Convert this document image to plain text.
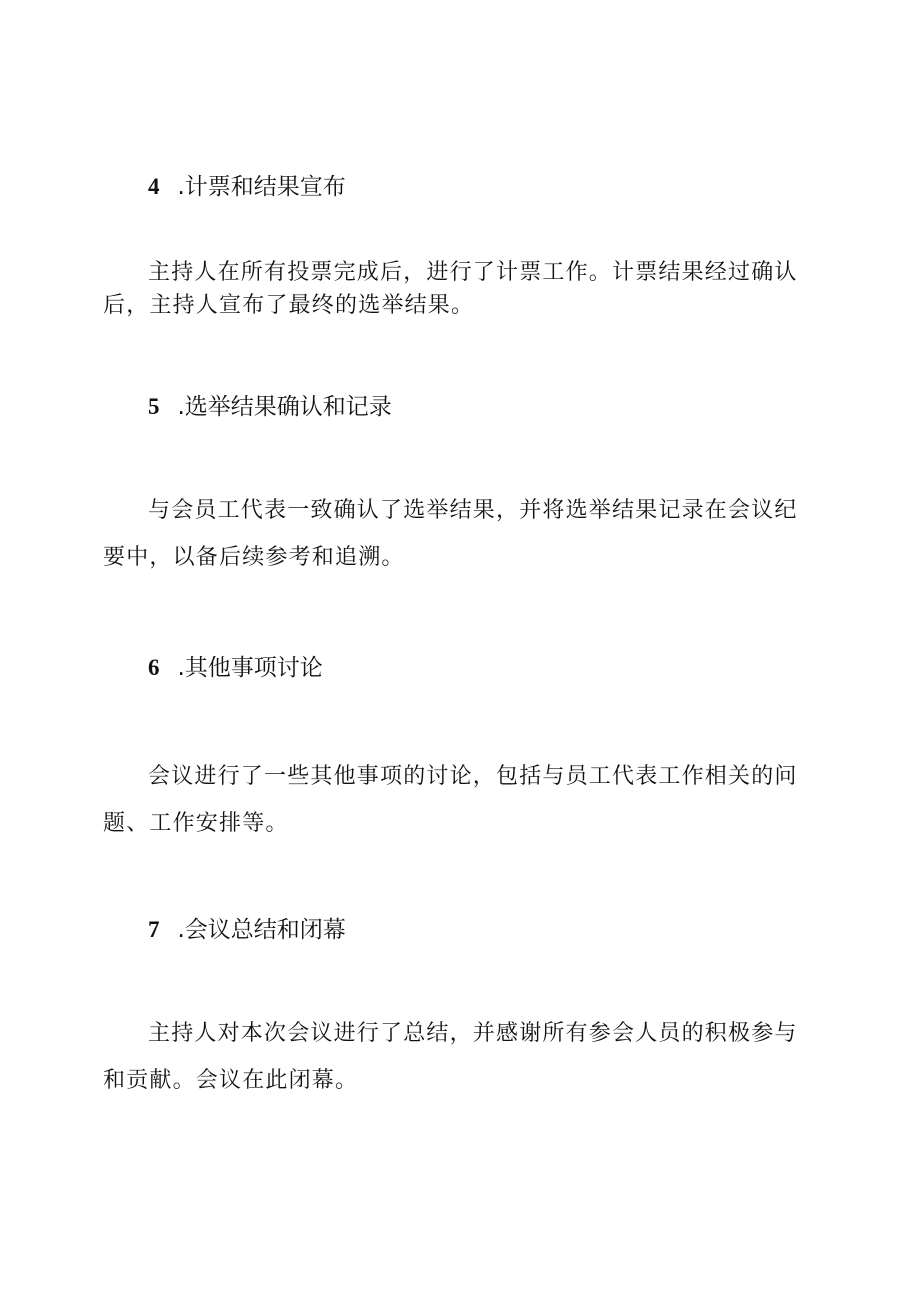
4 .计票和结果宣布

主持人在所有投票完成后，进行了计票工作。计票结果经过确认后，主持人宣布了最终的选举结果。

5 .选举结果确认和记录

与会员工代表一致确认了选举结果，并将选举结果记录在会议纪要中，以备后续参考和追溯。

6 .其他事项讨论

会议进行了一些其他事项的讨论，包括与员工代表工作相关的问题、工作安排等。

7 .会议总结和闭幕

主持人对本次会议进行了总结，并感谢所有参会人员的积极参与和贡献。会议在此闭幕。
